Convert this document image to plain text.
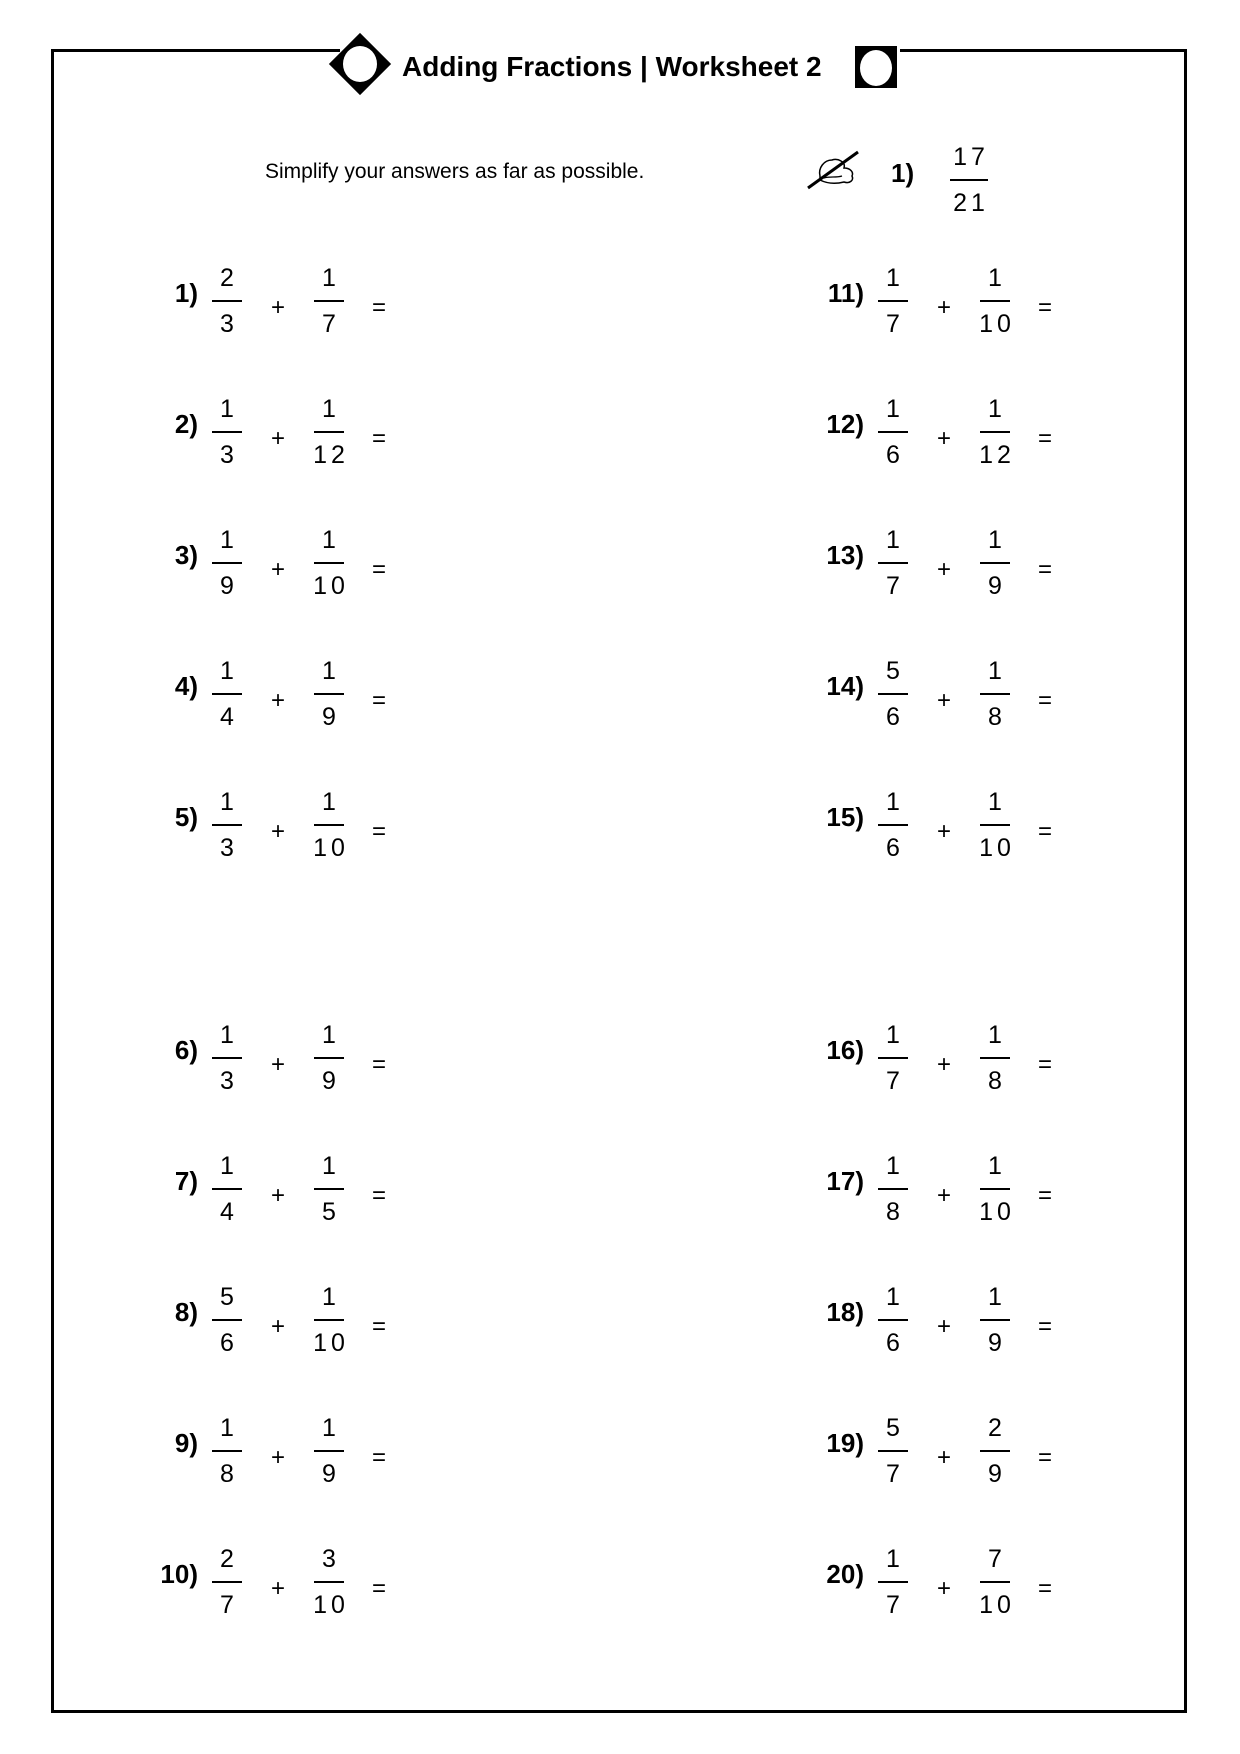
Adding Fractions | Worksheet 2
Simplify your answers as far as possible.	1)
17
21
1) 2
3
+
1
7
=
2) 1
3
+
1
12
=
3) 1
9
+
1
10
=
4) 1
4
+
1
9
=
5) 1
3
+
1
10
=
6) 1
3
+
1
9
=
7) 1
4
+
1
5
=
8) 5
6
+
1
10
=
9) 1
8
+
1
9
=
10) 2
7
+
3
10
=
11) 1
7
+
1
10
=
12) 1
6
+
1
12
=
13) 1
7
+
1
9
=
14) 5
6
+
1
8
=
15) 1
6
+
1
10
=
16) 1
7
+
1
8
=
17) 1
8
+
1
10
=
18) 1
6
+
1
9
=
19) 5
7
+
2
9
=
20) 1
7
+
7
10
=
